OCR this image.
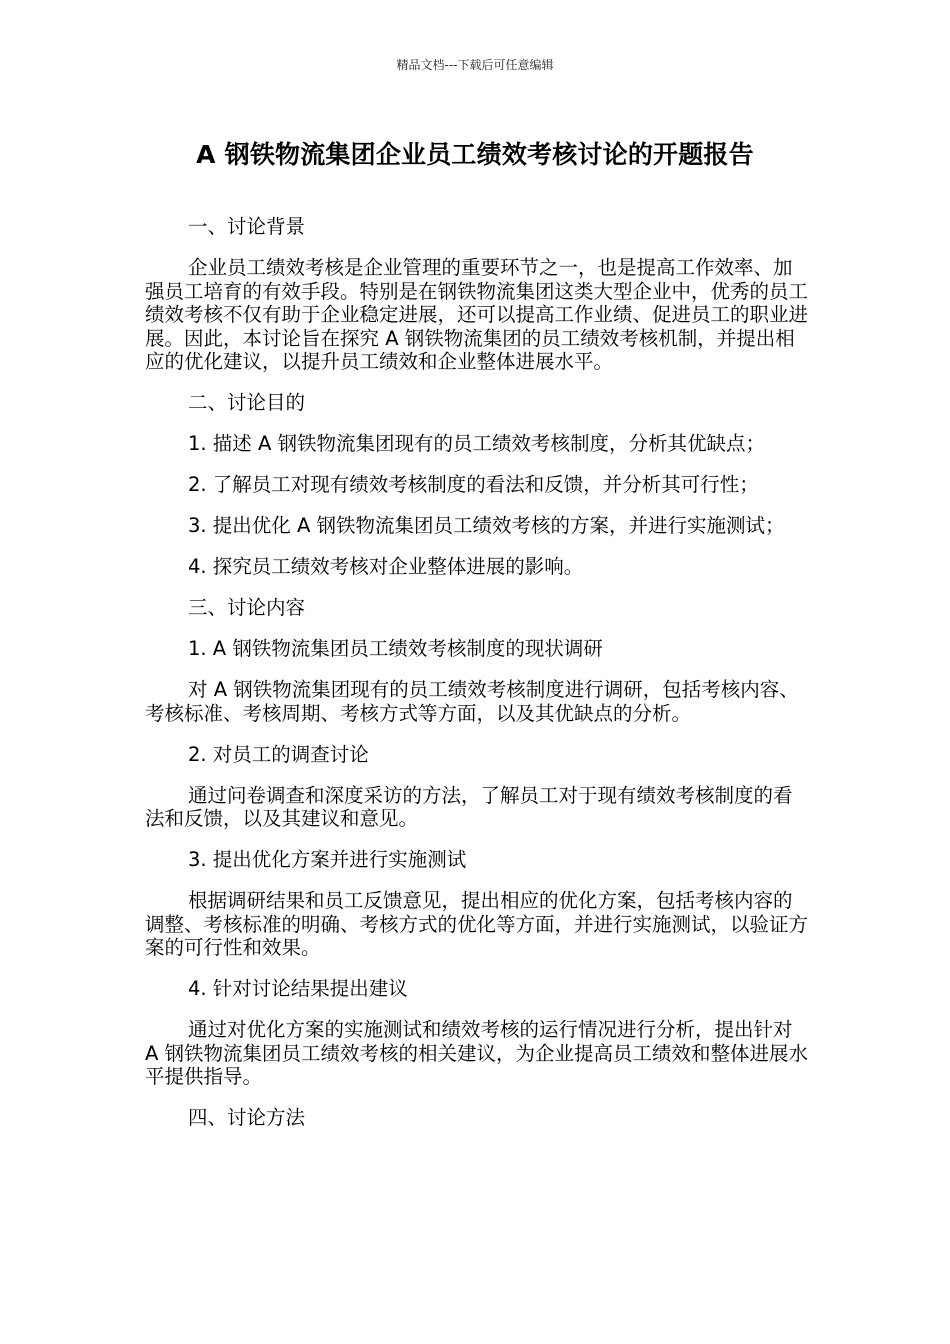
精品文档---下载后可任意编辑
A 钢铁物流集团企业员工绩效考核讨论的开题报告

一、讨论背景

企业员工绩效考核是企业管理的重要环节之一，也是提高工作效率、加强员工培育的有效手段。特别是在钢铁物流集团这类大型企业中，优秀的员工绩效考核不仅有助于企业稳定进展，还可以提高工作业绩、促进员工的职业进展。因此，本讨论旨在探究 A 钢铁物流集团的员工绩效考核机制，并提出相应的优化建议，以提升员工绩效和企业整体进展水平。

二、讨论目的

1. 描述 A 钢铁物流集团现有的员工绩效考核制度，分析其优缺点；

2. 了解员工对现有绩效考核制度的看法和反馈，并分析其可行性；

3. 提出优化 A 钢铁物流集团员工绩效考核的方案，并进行实施测试；

4. 探究员工绩效考核对企业整体进展的影响。

三、讨论内容

1. A 钢铁物流集团员工绩效考核制度的现状调研

对 A 钢铁物流集团现有的员工绩效考核制度进行调研，包括考核内容、考核标准、考核周期、考核方式等方面，以及其优缺点的分析。

2. 对员工的调查讨论

通过问卷调查和深度采访的方法，了解员工对于现有绩效考核制度的看法和反馈，以及其建议和意见。

3. 提出优化方案并进行实施测试

根据调研结果和员工反馈意见，提出相应的优化方案，包括考核内容的调整、考核标准的明确、考核方式的优化等方面，并进行实施测试，以验证方案的可行性和效果。

4. 针对讨论结果提出建议

通过对优化方案的实施测试和绩效考核的运行情况进行分析，提出针对 A 钢铁物流集团员工绩效考核的相关建议，为企业提高员工绩效和整体进展水平提供指导。

四、讨论方法
